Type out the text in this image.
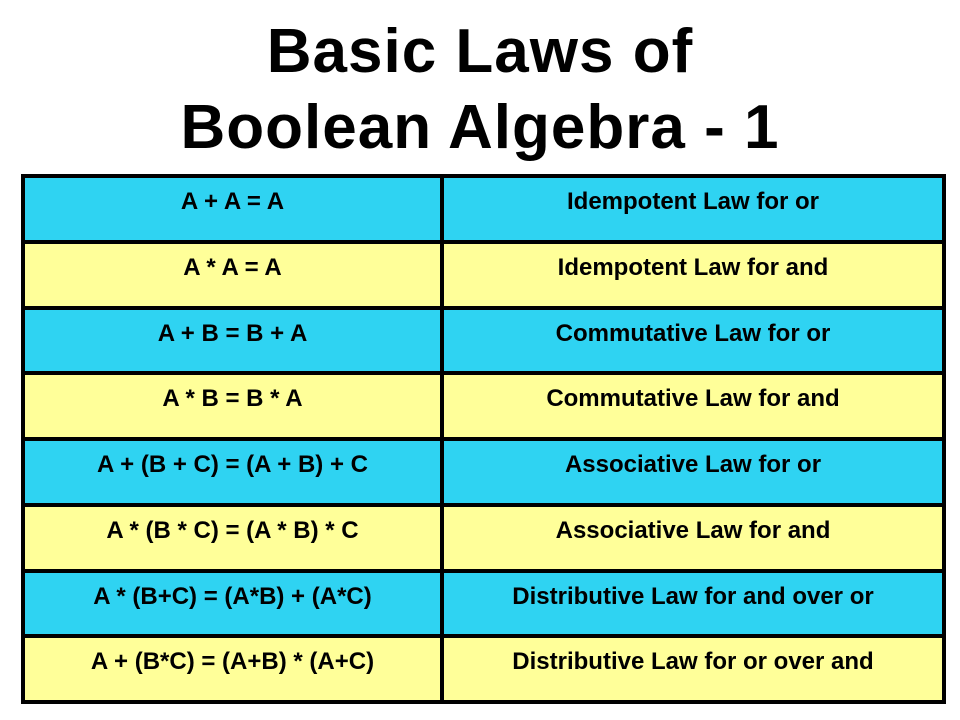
Basic Laws of
Boolean Algebra - 1
A + A = A	Idempotent Law for or
A * A = A	Idempotent Law for and
A + B = B + A	Commutative Law for or
A * B = B * A	Commutative Law for and
A + (B + C) = (A + B) + C	Associative Law for or
A * (B * C) = (A * B) * C	Associative Law for and
A * (B+C) = (A*B) + (A*C)	Distributive Law for and over or
A + (B*C) = (A+B) * (A+C)	Distributive Law for or over and
